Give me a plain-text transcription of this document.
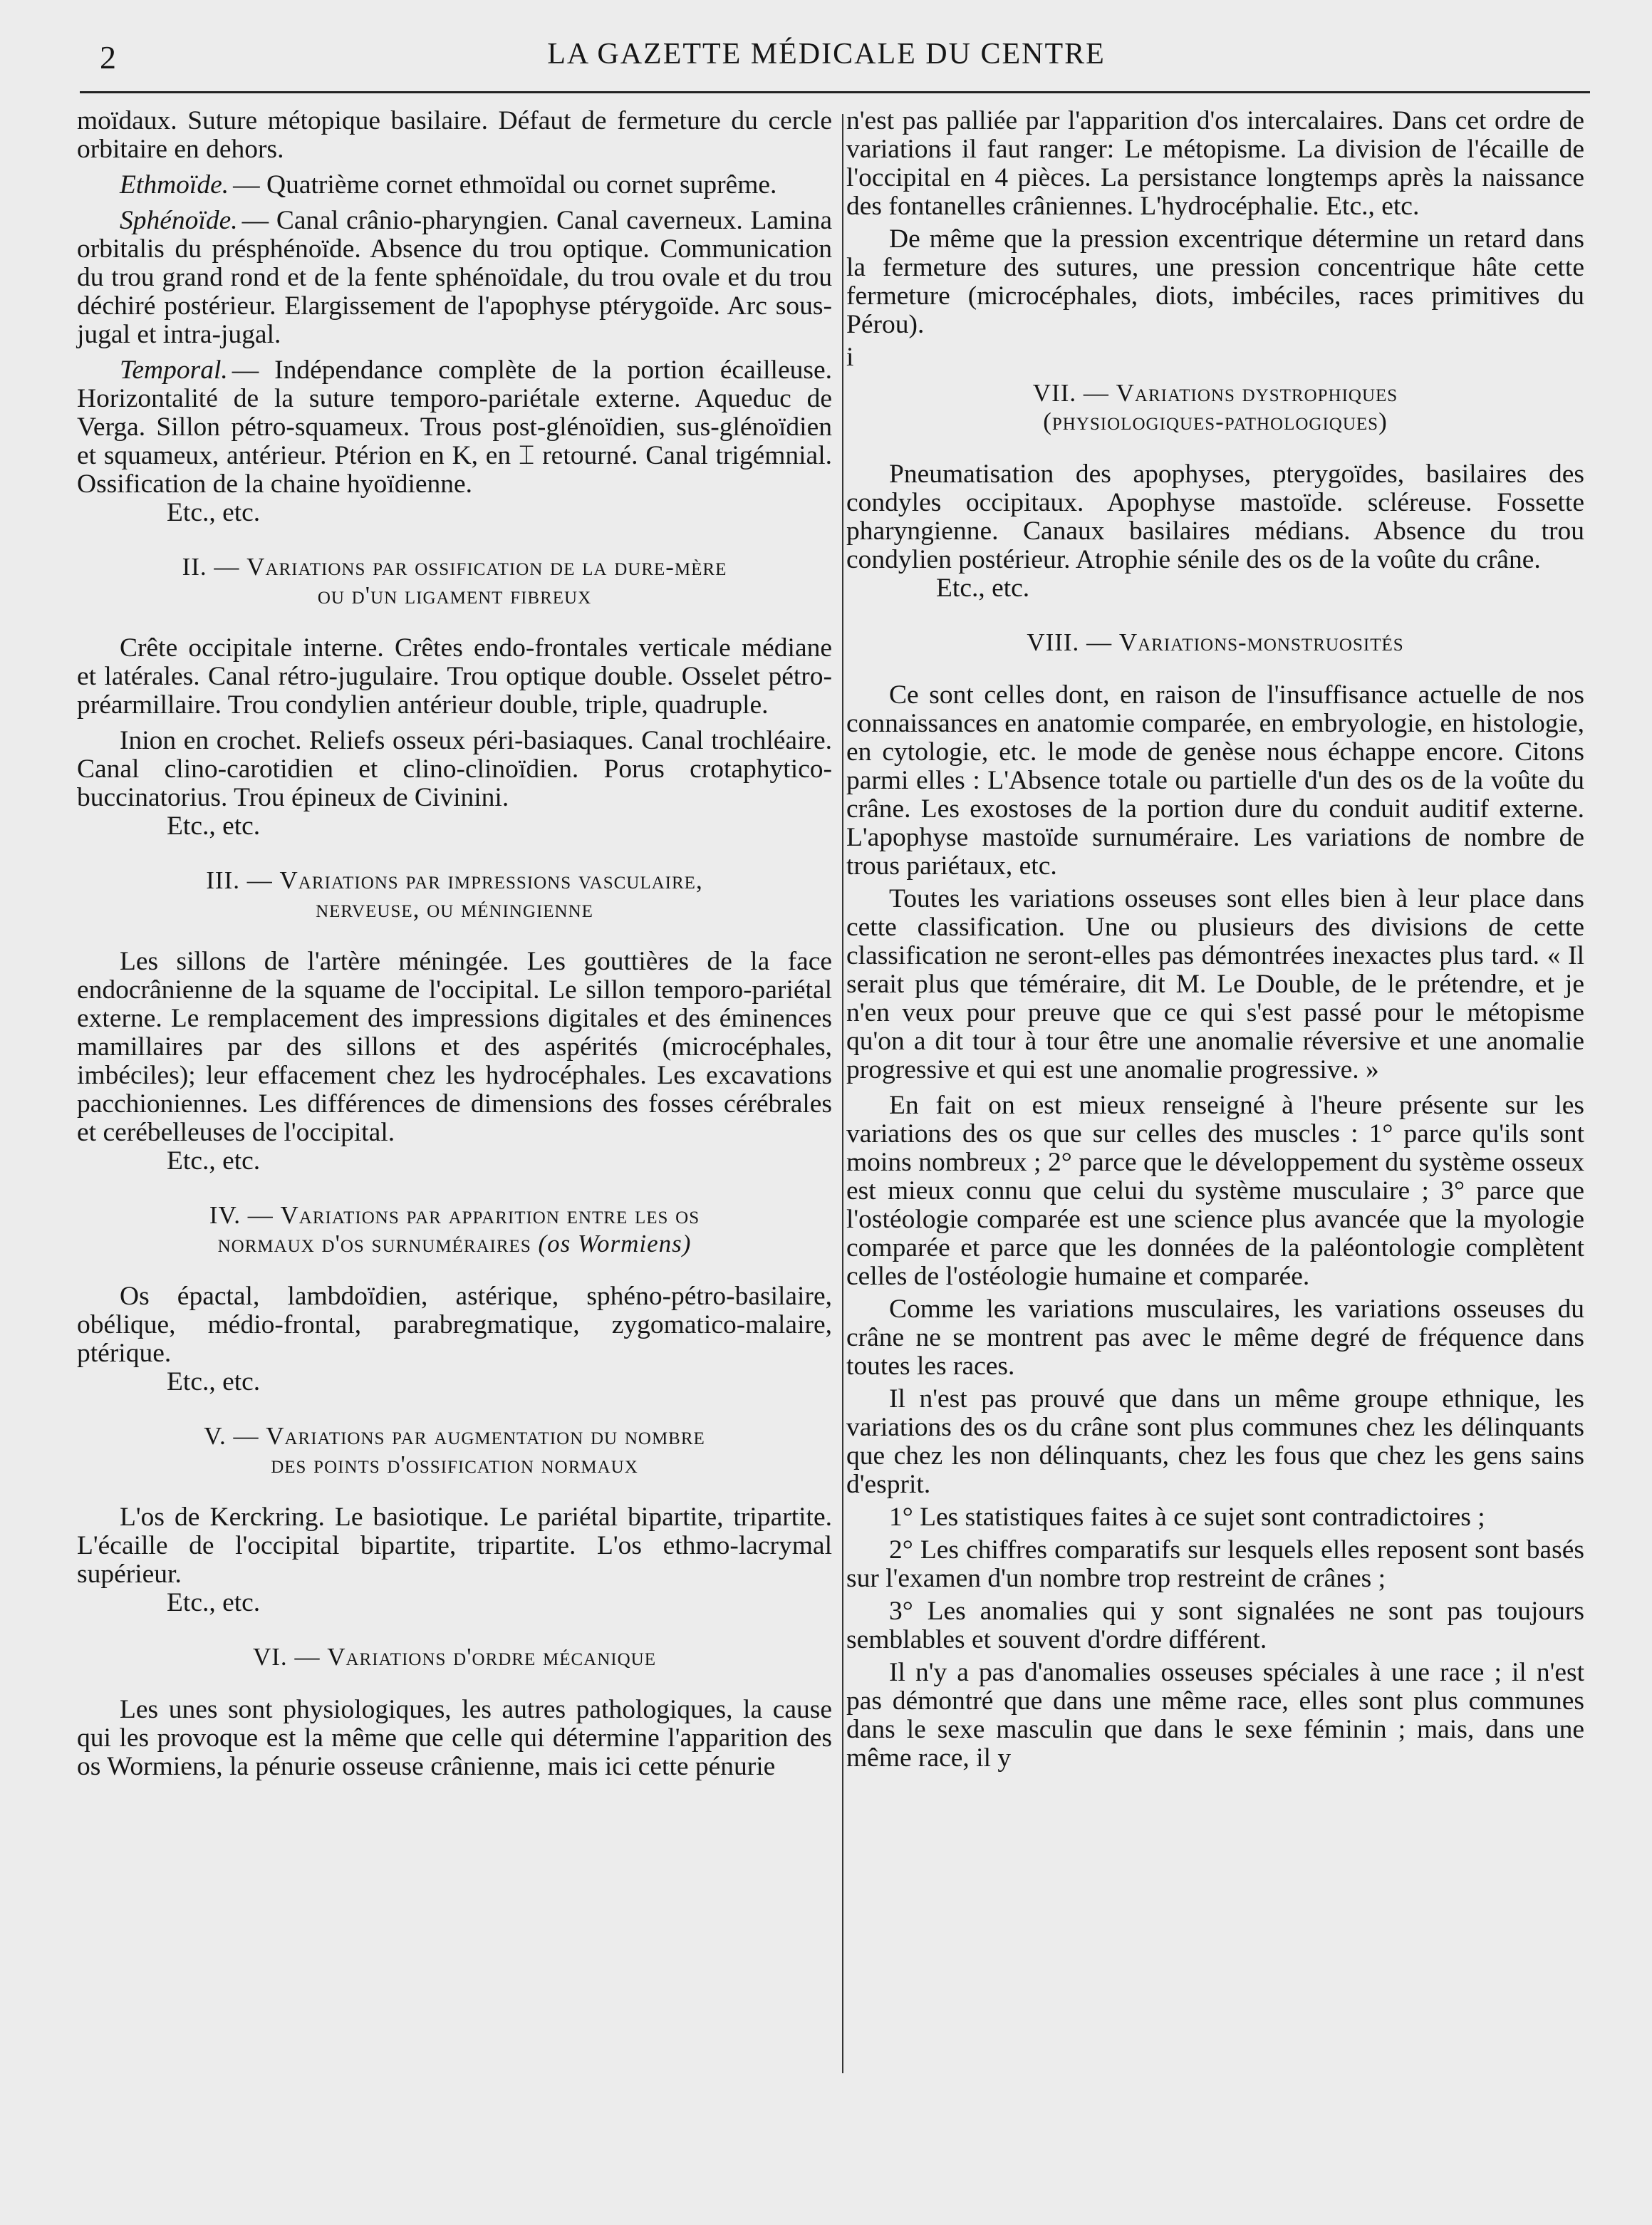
2	LA GAZETTE MÉDICALE DU CENTRE

moïdaux. Suture métopique basilaire. Défaut de fermeture du cercle orbitaire en dehors.

Ethmoïde. — Quatrième cornet ethmoïdal ou cornet suprême.

Sphénoïde. — Canal crânio-pharyngien. Canal caverneux. Lamina orbitalis du présphénoïde. Absence du trou optique. Communication du trou grand rond et de la fente sphénoïdale, du trou ovale et du trou déchiré postérieur. Elargissement de l'apophyse ptérygoïde. Arc sous-jugal et intra-jugal.

Temporal. — Indépendance complète de la portion écailleuse. Horizontalité de la suture temporo-pariétale externe. Aqueduc de Verga. Sillon pétro-squameux. Trous post-glénoïdien, sus-glénoïdien et squameux, antérieur. Ptérion en K, en ⌶ retourné. Canal trigémnial. Ossification de la chaine hyoïdienne.

Etc., etc.

II. — Variations par ossification de la dure-mère
ou d'un ligament fibreux

Crête occipitale interne. Crêtes endo-frontales verticale médiane et latérales. Canal rétro-jugulaire. Trou optique double. Osselet pétro-préarmillaire. Trou condylien antérieur double, triple, quadruple.

Inion en crochet. Reliefs osseux péri-basiaques. Canal trochléaire. Canal clino-carotidien et clino-clinoïdien. Porus crotaphytico-buccinatorius. Trou épineux de Civinini.

Etc., etc.

III. — Variations par impressions vasculaire,
nerveuse, ou méningienne

Les sillons de l'artère méningée. Les gouttières de la face endocrânienne de la squame de l'occipital. Le sillon temporo-pariétal externe. Le remplacement des impressions digitales et des éminences mamillaires par des sillons et des aspérités (microcéphales, imbéciles); leur effacement chez les hydrocéphales. Les excavations pacchioniennes. Les différences de dimensions des fosses cérébrales et cerébelleuses de l'occipital.

Etc., etc.

IV. — Variations par apparition entre les os
normaux d'os surnuméraires (os Wormiens)

Os épactal, lambdoïdien, astérique, sphéno-pétro-basilaire, obélique, médio-frontal, parabregmatique, zygomatico-malaire, ptérique.

Etc., etc.

V. — Variations par augmentation du nombre
des points d'ossification normaux

L'os de Kerckring. Le basiotique. Le pariétal bipartite, tripartite. L'écaille de l'occipital bipartite, tripartite. L'os ethmo-lacrymal supérieur.

Etc., etc.

VI. — Variations d'ordre mécanique

Les unes sont physiologiques, les autres pathologiques, la cause qui les provoque est la même que celle qui détermine l'apparition des os Wormiens, la pénurie osseuse crânienne, mais ici cette pénurie

n'est pas palliée par l'apparition d'os intercalaires. Dans cet ordre de variations il faut ranger: Le métopisme. La division de l'écaille de l'occipital en 4 pièces. La persistance longtemps après la naissance des fontanelles crâniennes. L'hydrocéphalie. Etc., etc.

De même que la pression excentrique détermine un retard dans la fermeture des sutures, une pression concentrique hâte cette fermeture (microcéphales, diots, imbéciles, races primitives du Pérou).

i

VII. — Variations dystrophiques
(physiologiques-pathologiques)

Pneumatisation des apophyses, pterygoïdes, basilaires des condyles occipitaux. Apophyse mastoïde. scléreuse. Fossette pharyngienne. Canaux basilaires médians. Absence du trou condylien postérieur. Atrophie sénile des os de la voûte du crâne.

Etc., etc.

VIII. — Variations-monstruosités

Ce sont celles dont, en raison de l'insuffisance actuelle de nos connaissances en anatomie comparée, en embryologie, en histologie, en cytologie, etc. le mode de genèse nous échappe encore. Citons parmi elles : L'Absence totale ou partielle d'un des os de la voûte du crâne. Les exostoses de la portion dure du conduit auditif externe. L'apophyse mastoïde surnuméraire. Les variations de nombre de trous pariétaux, etc.

Toutes les variations osseuses sont elles bien à leur place dans cette classification. Une ou plusieurs des divisions de cette classification ne seront-elles pas démontrées inexactes plus tard. « Il serait plus que téméraire, dit M. Le Double, de le prétendre, et je n'en veux pour preuve que ce qui s'est passé pour le métopisme qu'on a dit tour à tour être une anomalie réversive et une anomalie progressive et qui est une anomalie progressive. »

En fait on est mieux renseigné à l'heure présente sur les variations des os que sur celles des muscles : 1° parce qu'ils sont moins nombreux ; 2° parce que le développement du système osseux est mieux connu que celui du système musculaire ; 3° parce que l'ostéologie comparée est une science plus avancée que la myologie comparée et parce que les données de la paléontologie complètent celles de l'ostéologie humaine et comparée.

Comme les variations musculaires, les variations osseuses du crâne ne se montrent pas avec le même degré de fréquence dans toutes les races.

Il n'est pas prouvé que dans un même groupe ethnique, les variations des os du crâne sont plus communes chez les délinquants que chez les non délinquants, chez les fous que chez les gens sains d'esprit.

1° Les statistiques faites à ce sujet sont contradictoires ;

2° Les chiffres comparatifs sur lesquels elles reposent sont basés sur l'examen d'un nombre trop restreint de crânes ;

3° Les anomalies qui y sont signalées ne sont pas toujours semblables et souvent d'ordre différent.

Il n'y a pas d'anomalies osseuses spéciales à une race ; il n'est pas démontré que dans une même race, elles sont plus communes dans le sexe masculin que dans le sexe féminin ; mais, dans une même race, il y
